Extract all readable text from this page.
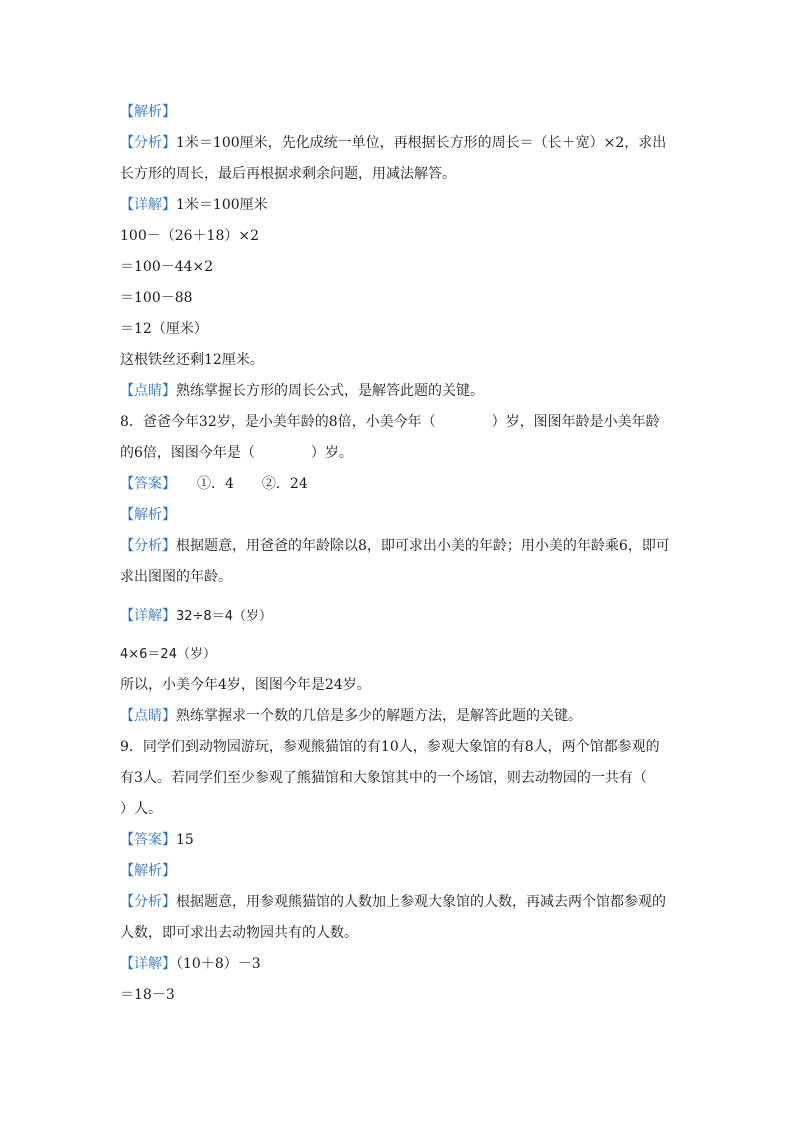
【解析】
【分析】1米＝100厘米，先化成统一单位，再根据长方形的周长＝（长＋宽）×2，求出
长方形的周长，最后再根据求剩余问题，用减法解答。
【详解】1米＝100厘米
100－（26＋18）×2
＝100－44×2
＝100－88
＝12（厘米）
这根铁丝还剩12厘米。
【点睛】熟练掌握长方形的周长公式，是解答此题的关键。
8．爸爸今年32岁，是小美年龄的8倍，小美今年（　　　　）岁，图图年龄是小美年龄
的6倍，图图今年是（　　　　）岁。
【答案】　　①．4　　②．24
【解析】
【分析】根据题意，用爸爸的年龄除以8，即可求出小美的年龄；用小美的年龄乘6，即可
求出图图的年龄。
【详解】32÷8＝4（岁）
4×6＝24（岁）
所以，小美今年4岁，图图今年是24岁。
【点睛】熟练掌握求一个数的几倍是多少的解题方法，是解答此题的关键。
9．同学们到动物园游玩，参观熊猫馆的有10人，参观大象馆的有8人，两个馆都参观的
有3人。若同学们至少参观了熊猫馆和大象馆其中的一个场馆，则去动物园的一共有（
）人。
【答案】15
【解析】
【分析】根据题意，用参观熊猫馆的人数加上参观大象馆的人数，再减去两个馆都参观的
人数，即可求出去动物园共有的人数。
【详解】（10＋8）－3
＝18－3
